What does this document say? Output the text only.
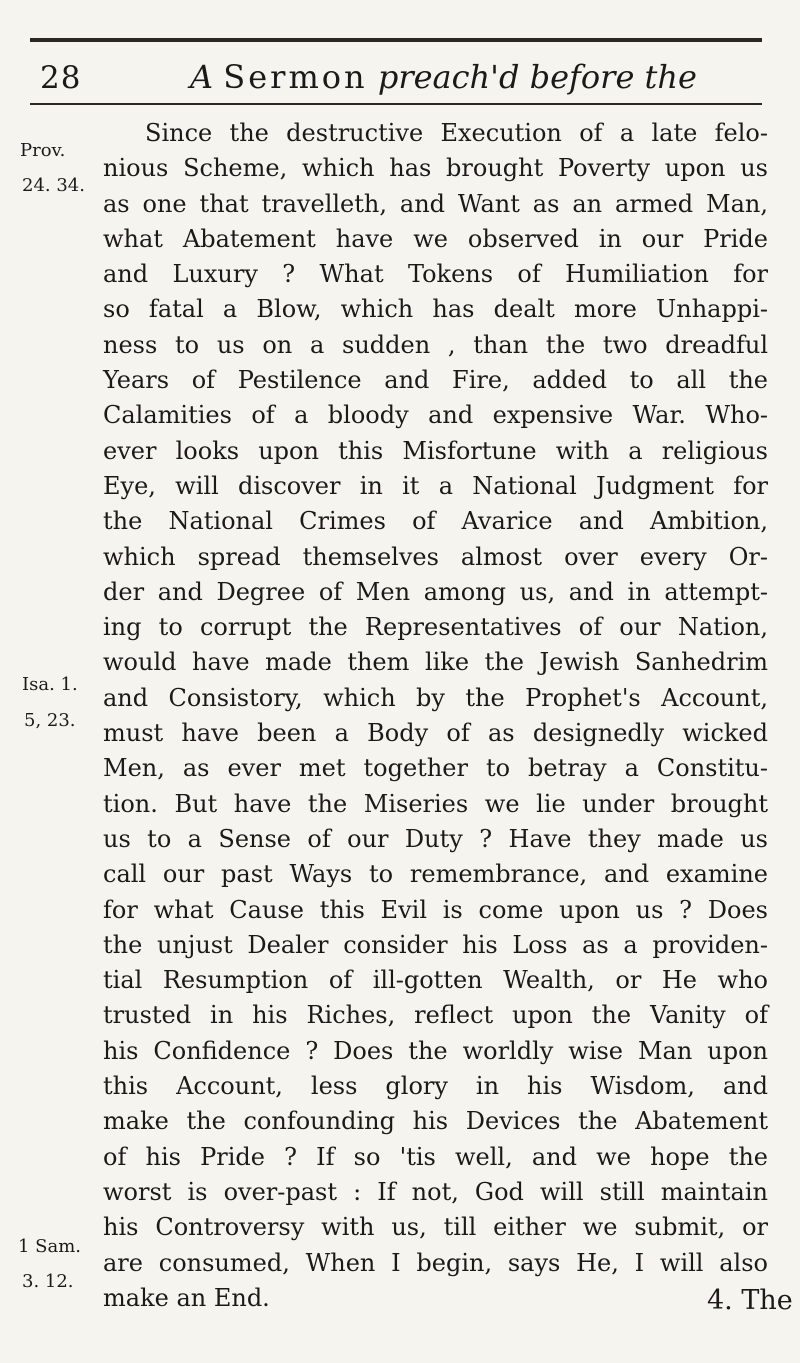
28	A Sermon preach'd before the
Prov.
24. 34.
Isa. 1.
5, 23.
1 Sam.
3. 12.
Since the destructive Execution of a late felo-
nious Scheme, which has brought Poverty upon us
as one that travelleth, and Want as an armed Man,
what Abatement have we observed in our Pride
and Luxury ? What Tokens of Humiliation for
so fatal a Blow, which has dealt more Unhappi-
ness to us on a sudden , than the two dreadful
Years of Pestilence and Fire, added to all the
Calamities of a bloody and expensive War. Who-
ever looks upon this Misfortune with a religious
Eye, will discover in it a National Judgment for
the National Crimes of Avarice and Ambition,
which spread themselves almost over every Or-
der and Degree of Men among us, and in attempt-
ing to corrupt the Representatives of our Nation,
would have made them like the Jewish Sanhedrim
and Consistory, which by the Prophet's Account,
must have been a Body of as designedly wicked
Men, as ever met together to betray a Constitu-
tion. But have the Miseries we lie under brought
us to a Sense of our Duty ? Have they made us
call our past Ways to remembrance, and examine
for what Cause this Evil is come upon us ? Does
the unjust Dealer consider his Loss as a providen-
tial Resumption of ill-gotten Wealth, or He who
trusted in his Riches, reflect upon the Vanity of
his Confidence ? Does the worldly wise Man upon
this Account, less glory in his Wisdom, and
make the confounding his Devices the Abatement
of his Pride ? If so 'tis well, and we hope the
worst is over-past : If not, God will still maintain
his Controversy with us, till either we submit, or
are consumed, When I begin, says He, I will also
make an End.	4. The
